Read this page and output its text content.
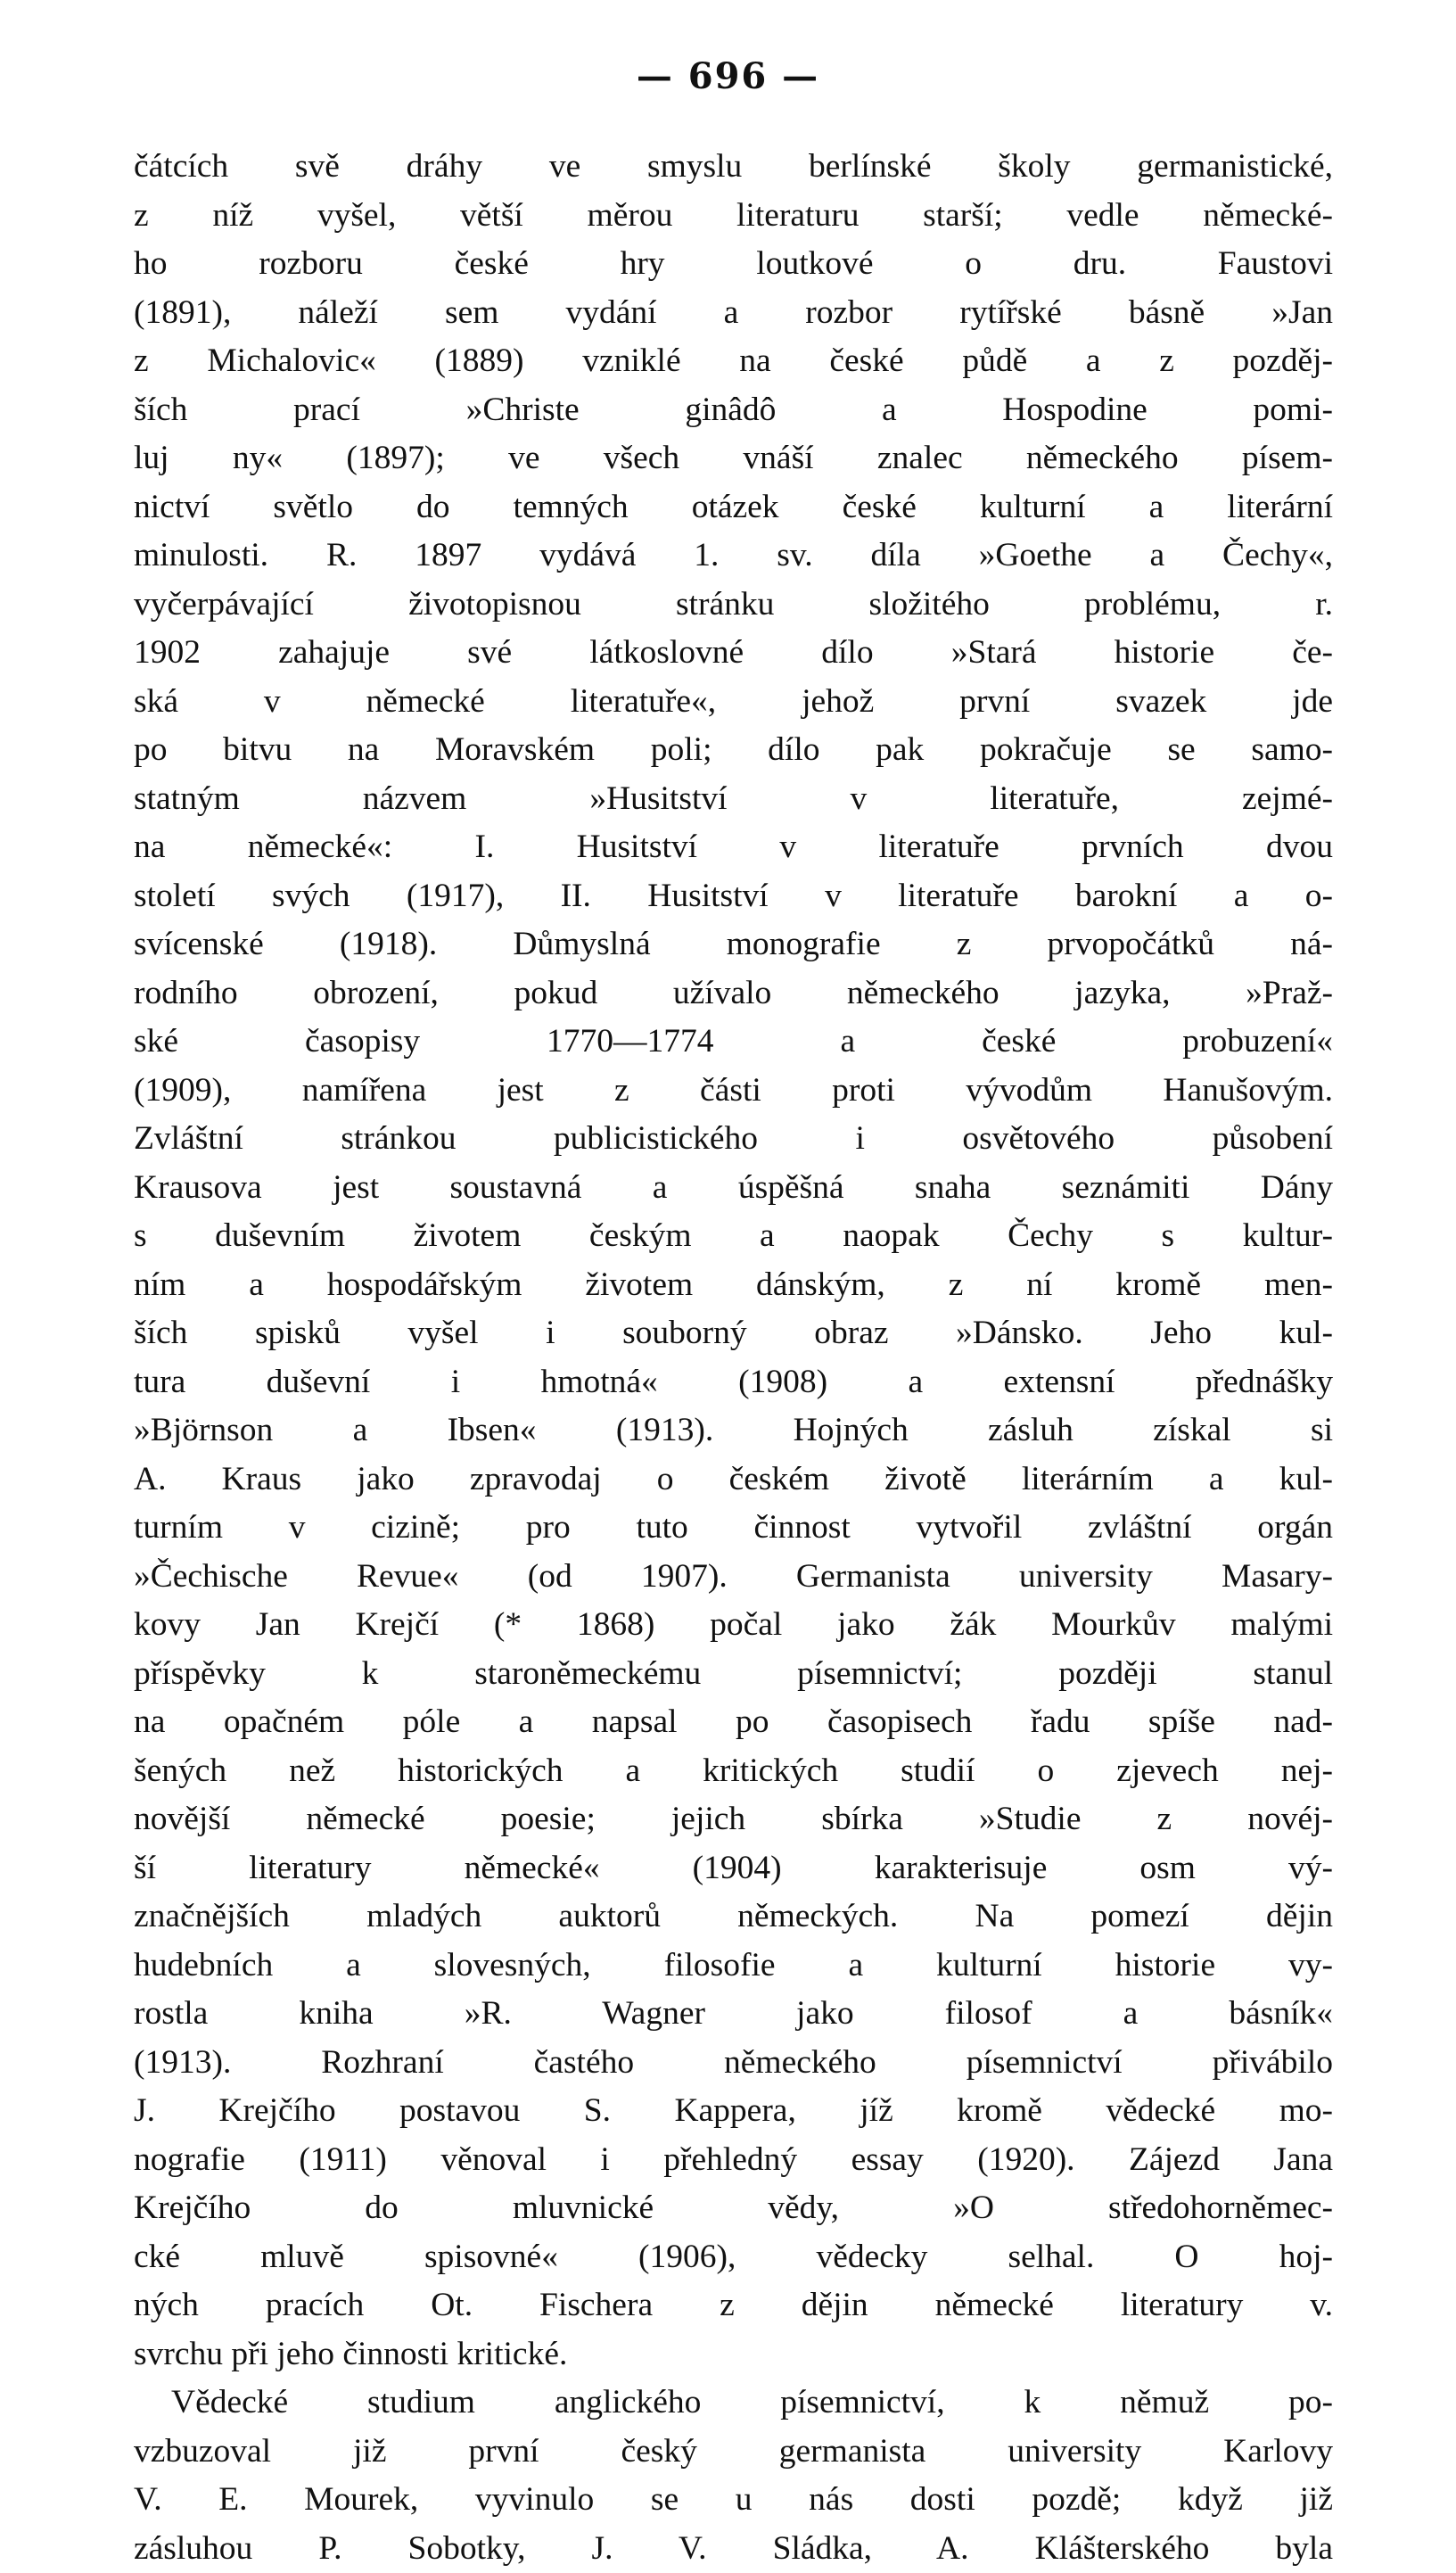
— 696 —
čátcích svě dráhy ve smyslu berlínské školy germanistické,
z níž vyšel, větší měrou literaturu starší; vedle německé-
ho rozboru české hry loutkové o dru. Faustovi
(1891), náleží sem vydání a rozbor rytířské básně »Jan
z Michalovic« (1889) vzniklé na české půdě a z pozděj-
ších prací »Christe ginâdô a Hospodine pomi-
luj ny« (1897); ve všech vnáší znalec německého písem-
nictví světlo do temných otázek české kulturní a literární
minulosti. R. 1897 vydává 1. sv. díla »Goethe a Čechy«,
vyčerpávající životopisnou stránku složitého problému, r.
1902 zahajuje své látkoslovné dílo »Stará historie če-
ská v německé literatuře«, jehož první svazek jde
po bitvu na Moravském poli; dílo pak pokračuje se samo-
statným názvem »Husitství v literatuře, zejmé-
na německé«: I. Husitství v literatuře prvních dvou
století svých (1917), II. Husitství v literatuře barokní a o-
svícenské (1918). Důmyslná monografie z prvopočátků ná-
rodního obrození, pokud užívalo německého jazyka, »Praž-
ské časopisy 1770—1774 a české probuzení«
(1909), namířena jest z části proti vývodům Hanušovým.
Zvláštní stránkou publicistického i osvětového působení
Krausova jest soustavná a úspěšná snaha seznámiti Dány
s duševním životem českým a naopak Čechy s kultur-
ním a hospodářským životem dánským, z ní kromě men-
ších spisků vyšel i souborný obraz »Dánsko. Jeho kul-
tura duševní i hmotná« (1908) a extensní přednášky
»Björnson a Ibsen« (1913). Hojných zásluh získal si
A. Kraus jako zpravodaj o českém životě literárním a kul-
turním v cizině; pro tuto činnost vytvořil zvláštní orgán
»Čechische Revue« (od 1907). Germanista university Masary-
kovy Jan Krejčí (* 1868) počal jako žák Mourkův malými
příspěvky k staroněmeckému písemnictví; později stanul
na opačném póle a napsal po časopisech řadu spíše nad-
šených než historických a kritických studií o zjevech nej-
novější německé poesie; jejich sbírka »Studie z novéj-
ší literatury německé« (1904) karakterisuje osm vý-
značnějších mladých auktorů německých. Na pomezí dějin
hudebních a slovesných, filosofie a kulturní historie vy-
rostla kniha »R. Wagner jako filosof a básník«
(1913). Rozhraní častého německého písemnictví přivábilo
J. Krejčího postavou S. Kappera, jíž kromě vědecké mo-
nografie (1911) věnoval i přehledný essay (1920). Zájezd Jana
Krejčího do mluvnické vědy, »O středohorněmec-
cké mluvě spisovné« (1906), vědecky selhal. O hoj-
ných pracích Ot. Fischera z dějin německé literatury v.
svrchu při jeho činnosti kritické.
Vědecké studium anglického písemnictví, k němuž po-
vzbuzoval již první český germanista university Karlovy
V. E. Mourek, vyvinulo se u nás dosti pozdě; když již
zásluhou P. Sobotky, J. V. Sládka, A. Klášterského byla
